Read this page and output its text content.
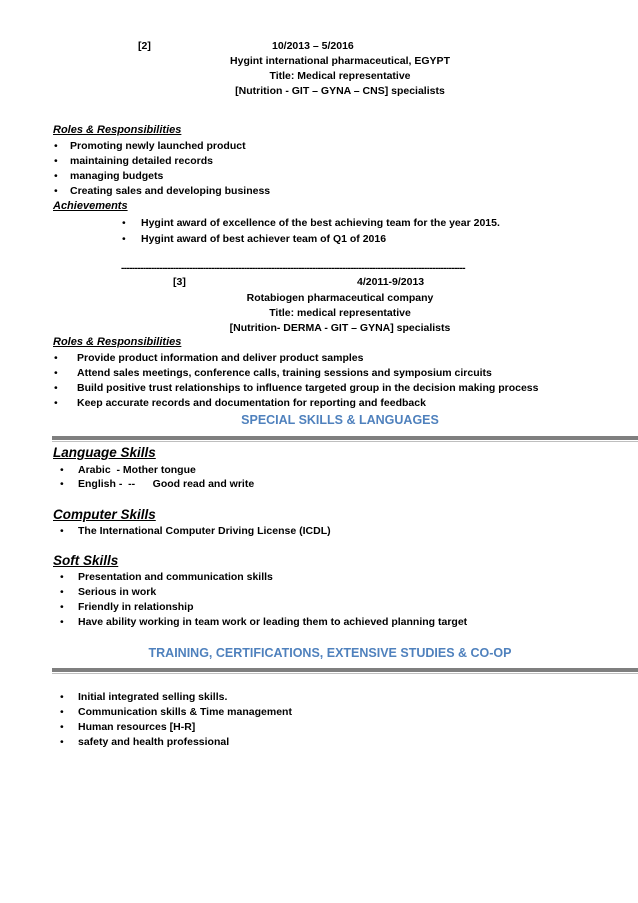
[2]	10/2013 – 5/2016
Hygint international pharmaceutical, EGYPT
Title: Medical representative
[Nutrition - GIT – GYNA – CNS] specialists
Roles & Responsibilities
• Promoting newly launched product
• maintaining detailed records
• managing budgets
• Creating sales and developing business
Achievements
• Hygint award of excellence of the best achieving team for the year 2015.
• Hygint award of best achiever team of Q1 of 2016
------------------------------------------------------------------------------------------------------------------------------
[3]	4/2011-9/2013
Rotabiogen pharmaceutical company
Title: medical representative
[Nutrition- DERMA - GIT – GYNA] specialists
Roles & Responsibilities
• Provide product information and deliver product samples
• Attend sales meetings, conference calls, training sessions and symposium circuits
• Build positive trust relationships to influence targeted group in the decision making process
• Keep accurate records and documentation for reporting and feedback
SPECIAL SKILLS & LANGUAGES
Language Skills
• Arabic  - Mother tongue
• English -  --      Good read and write
Computer Skills
• The International Computer Driving License (ICDL)
Soft Skills
• Presentation and communication skills
• Serious in work
• Friendly in relationship
• Have ability working in team work or leading them to achieved planning target
TRAINING, CERTIFICATIONS, EXTENSIVE STUDIES & CO-OP
• Initial integrated selling skills.
• Communication skills & Time management
• Human resources [H-R]
• safety and health professional
